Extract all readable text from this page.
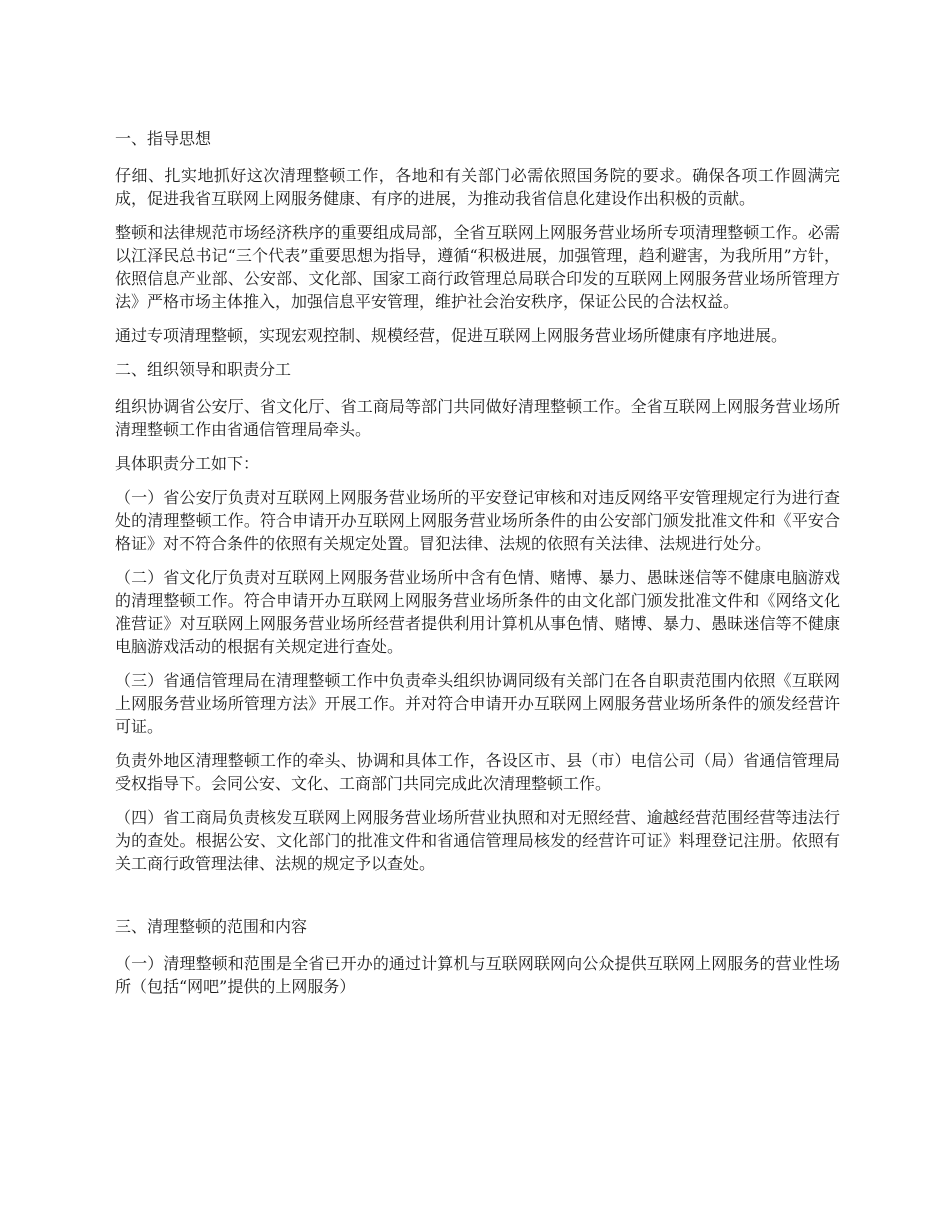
一、指导思想

仔细、扎实地抓好这次清理整顿工作，各地和有关部门必需依照国务院的要求。确保各项工作圆满完成，促进我省互联网上网服务健康、有序的进展，为推动我省信息化建设作出积极的贡献。

整顿和法律规范市场经济秩序的重要组成局部，全省互联网上网服务营业场所专项清理整顿工作。必需以江泽民总书记“三个代表”重要思想为指导，遵循“积极进展，加强管理，趋利避害，为我所用”方针，依照信息产业部、公安部、文化部、国家工商行政管理总局联合印发的互联网上网服务营业场所管理方法》严格市场主体推入，加强信息平安管理，维护社会治安秩序，保证公民的合法权益。

通过专项清理整顿，实现宏观控制、规模经营，促进互联网上网服务营业场所健康有序地进展。

二、组织领导和职责分工

组织协调省公安厅、省文化厅、省工商局等部门共同做好清理整顿工作。全省互联网上网服务营业场所清理整顿工作由省通信管理局牵头。

具体职责分工如下：

（一）省公安厅负责对互联网上网服务营业场所的平安登记审核和对违反网络平安管理规定行为进行查处的清理整顿工作。符合申请开办互联网上网服务营业场所条件的由公安部门颁发批准文件和《平安合格证》对不符合条件的依照有关规定处置。冒犯法律、法规的依照有关法律、法规进行处分。

（二）省文化厅负责对互联网上网服务营业场所中含有色情、赌博、暴力、愚昧迷信等不健康电脑游戏的清理整顿工作。符合申请开办互联网上网服务营业场所条件的由文化部门颁发批准文件和《网络文化准营证》对互联网上网服务营业场所经营者提供利用计算机从事色情、赌博、暴力、愚昧迷信等不健康电脑游戏活动的根据有关规定进行查处。

（三）省通信管理局在清理整顿工作中负责牵头组织协调同级有关部门在各自职责范围内依照《互联网上网服务营业场所管理方法》开展工作。并对符合申请开办互联网上网服务营业场所条件的颁发经营许可证。

负责外地区清理整顿工作的牵头、协调和具体工作，各设区市、县（市）电信公司（局）省通信管理局受权指导下。会同公安、文化、工商部门共同完成此次清理整顿工作。

（四）省工商局负责核发互联网上网服务营业场所营业执照和对无照经营、逾越经营范围经营等违法行为的查处。根据公安、文化部门的批准文件和省通信管理局核发的经营许可证》料理登记注册。依照有关工商行政管理法律、法规的规定予以查处。

三、清理整顿的范围和内容

（一）清理整顿和范围是全省已开办的通过计算机与互联网联网向公众提供互联网上网服务的营业性场所（包括“网吧”提供的上网服务）
